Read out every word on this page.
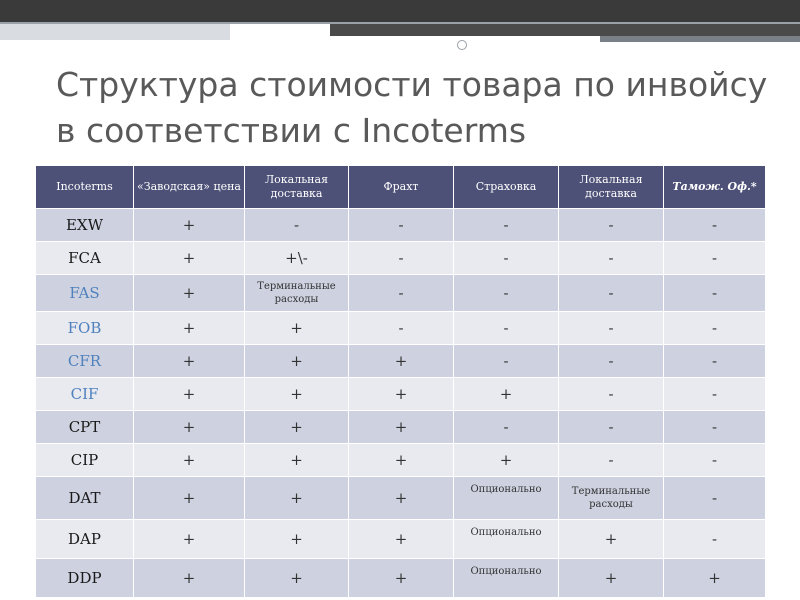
Структура стоимости товара по инвойсу в соответствии с Incoterms
Incoterms	«Заводская» цена	Локальная доставка	Фрахт	Страховка	Локальная доставка	Тамож. Оф.*
EXW	+	-	-	-	-	-
FCA	+	+\-	-	-	-	-
FAS	+	Терминальные расходы	-	-	-	-
FOB	+	+	-	-	-	-
CFR	+	+	+	-	-	-
CIF	+	+	+	+	-	-
CPT	+	+	+	-	-	-
CIP	+	+	+	+	-	-
DAT	+	+	+	Опционально	Терминальные расходы	-
DAP	+	+	+	Опционально	+	-
DDP	+	+	+	Опционально	+	+
